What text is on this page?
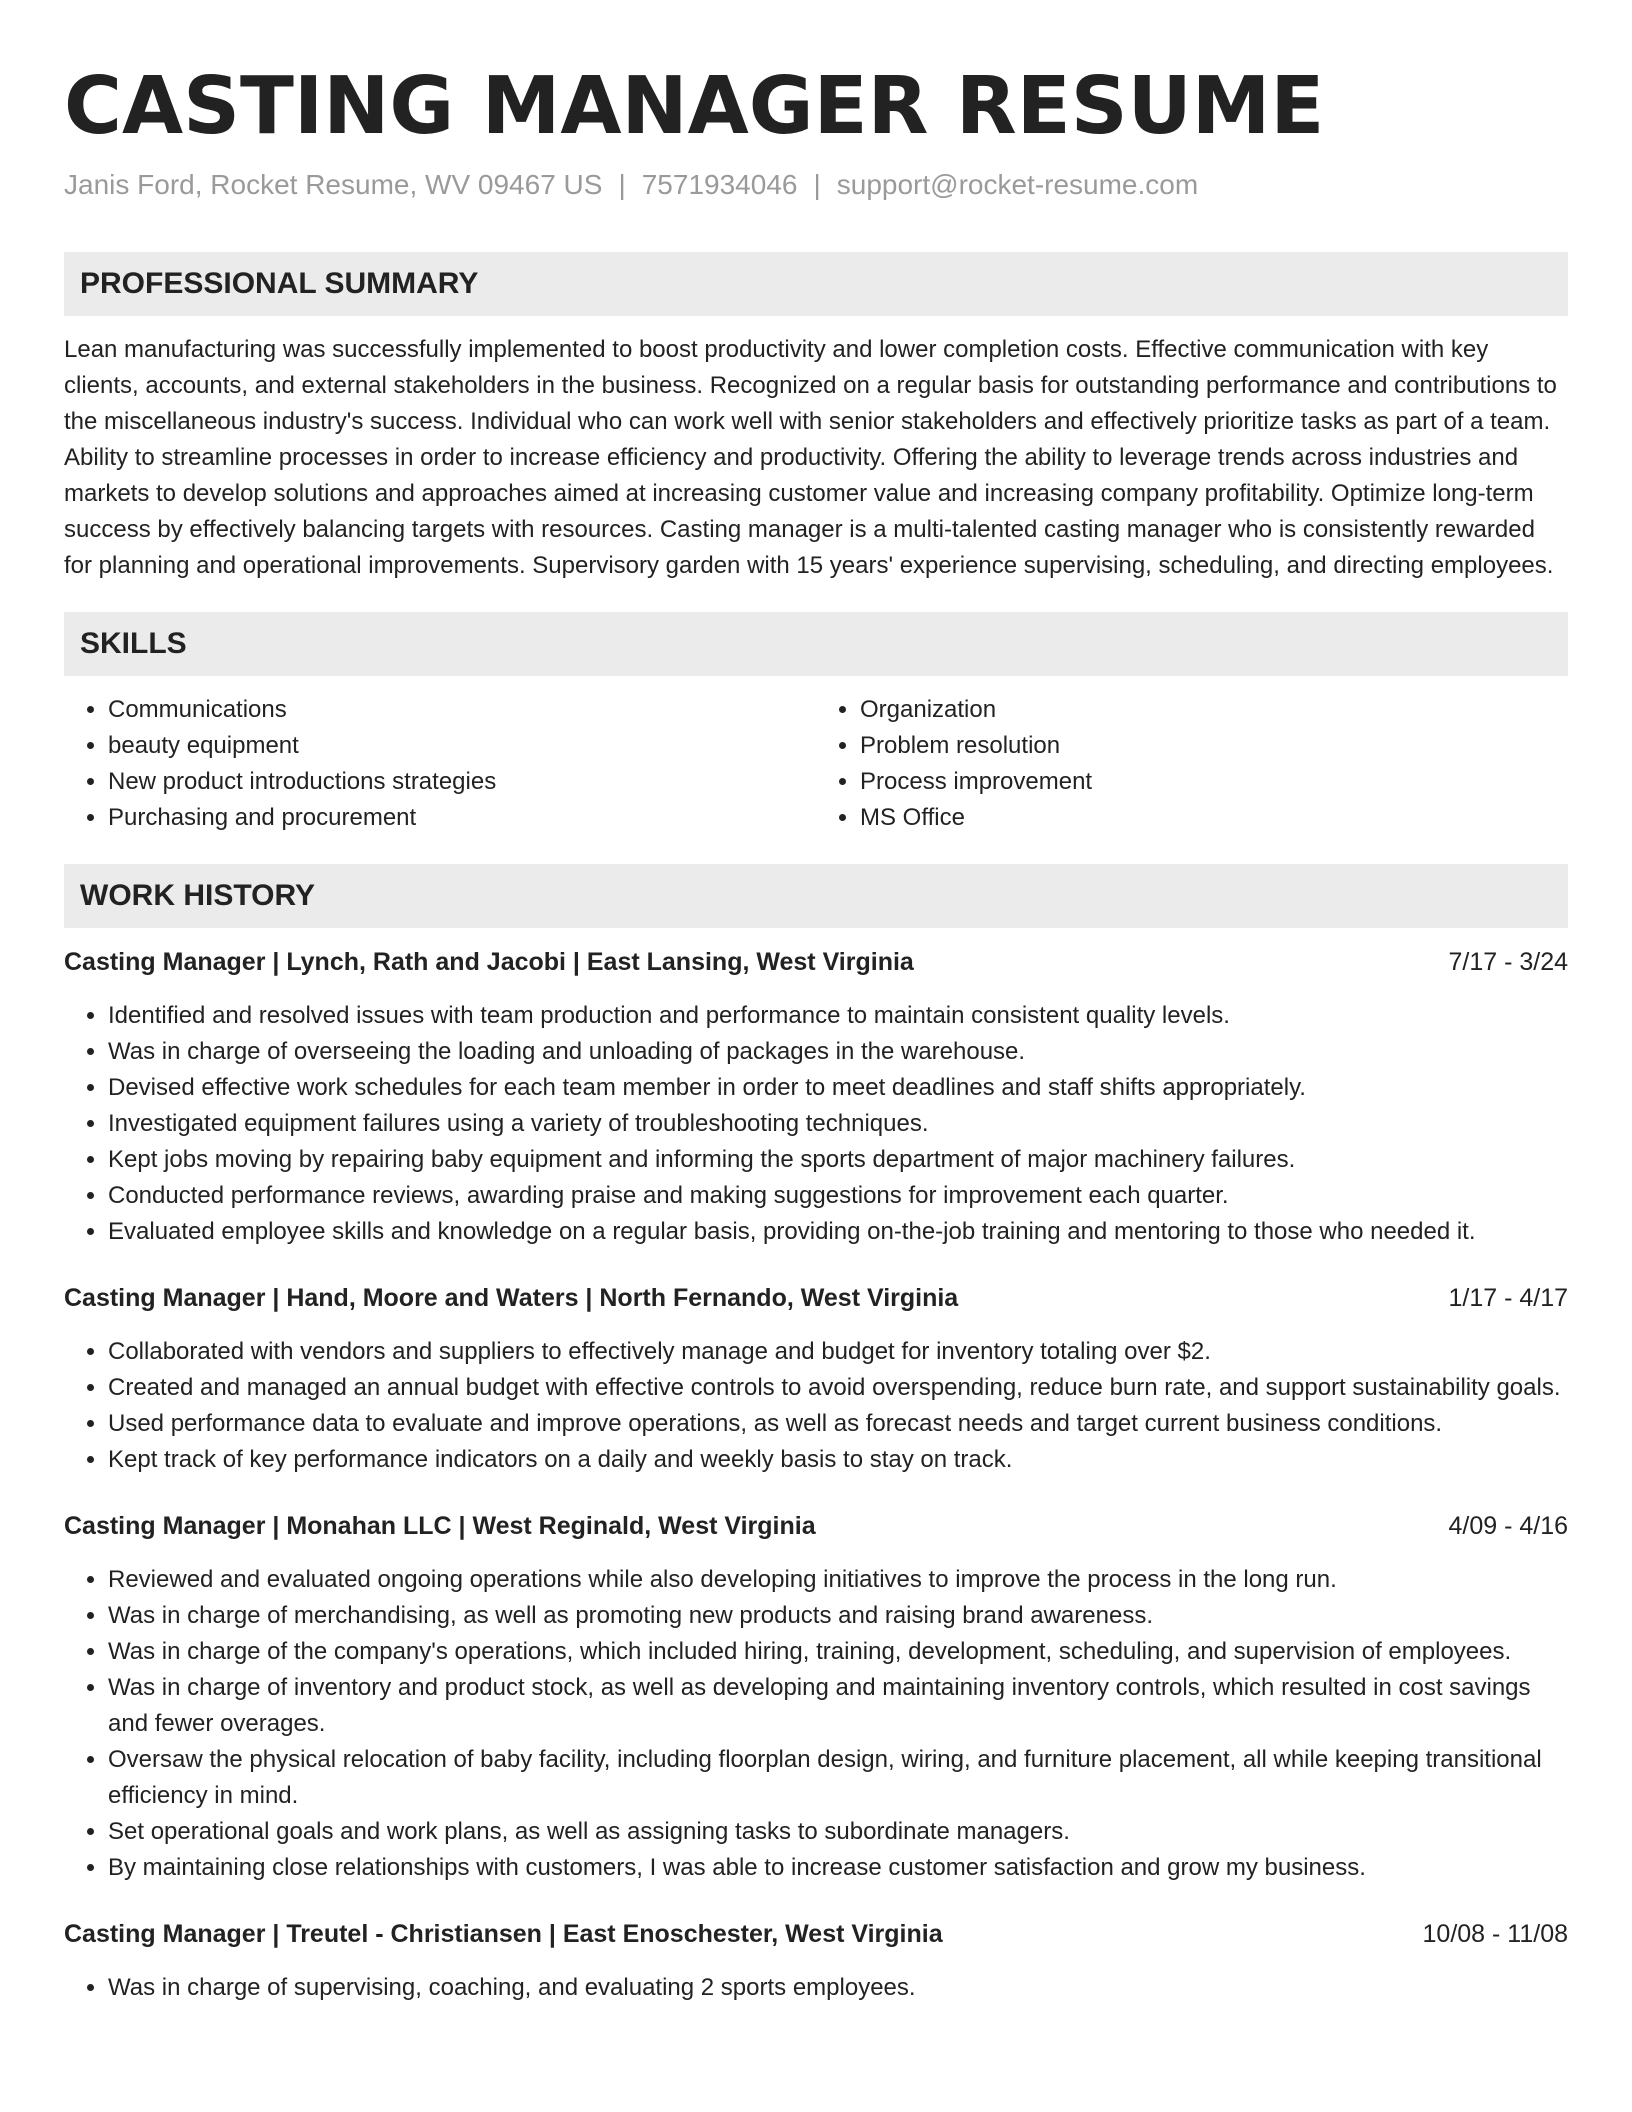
CASTING MANAGER RESUME
Janis Ford, Rocket Resume, WV 09467 US | 7571934046 | support@rocket-resume.com
PROFESSIONAL SUMMARY
Lean manufacturing was successfully implemented to boost productivity and lower completion costs. Effective communication with key clients, accounts, and external stakeholders in the business. Recognized on a regular basis for outstanding performance and contributions to the miscellaneous industry's success. Individual who can work well with senior stakeholders and effectively prioritize tasks as part of a team. Ability to streamline processes in order to increase efficiency and productivity. Offering the ability to leverage trends across industries and markets to develop solutions and approaches aimed at increasing customer value and increasing company profitability. Optimize long-term success by effectively balancing targets with resources. Casting manager is a multi-talented casting manager who is consistently rewarded for planning and operational improvements. Supervisory garden with 15 years' experience supervising, scheduling, and directing employees.
SKILLS
• Communications
• beauty equipment
• New product introductions strategies
• Purchasing and procurement
• Organization
• Problem resolution
• Process improvement
• MS Office
WORK HISTORY
Casting Manager | Lynch, Rath and Jacobi | East Lansing, West Virginia	7/17 - 3/24
• Identified and resolved issues with team production and performance to maintain consistent quality levels.
• Was in charge of overseeing the loading and unloading of packages in the warehouse.
• Devised effective work schedules for each team member in order to meet deadlines and staff shifts appropriately.
• Investigated equipment failures using a variety of troubleshooting techniques.
• Kept jobs moving by repairing baby equipment and informing the sports department of major machinery failures.
• Conducted performance reviews, awarding praise and making suggestions for improvement each quarter.
• Evaluated employee skills and knowledge on a regular basis, providing on-the-job training and mentoring to those who needed it.
Casting Manager | Hand, Moore and Waters | North Fernando, West Virginia	1/17 - 4/17
• Collaborated with vendors and suppliers to effectively manage and budget for inventory totaling over $2.
• Created and managed an annual budget with effective controls to avoid overspending, reduce burn rate, and support sustainability goals.
• Used performance data to evaluate and improve operations, as well as forecast needs and target current business conditions.
• Kept track of key performance indicators on a daily and weekly basis to stay on track.
Casting Manager | Monahan LLC | West Reginald, West Virginia	4/09 - 4/16
• Reviewed and evaluated ongoing operations while also developing initiatives to improve the process in the long run.
• Was in charge of merchandising, as well as promoting new products and raising brand awareness.
• Was in charge of the company's operations, which included hiring, training, development, scheduling, and supervision of employees.
• Was in charge of inventory and product stock, as well as developing and maintaining inventory controls, which resulted in cost savings and fewer overages.
• Oversaw the physical relocation of baby facility, including floorplan design, wiring, and furniture placement, all while keeping transitional efficiency in mind.
• Set operational goals and work plans, as well as assigning tasks to subordinate managers.
• By maintaining close relationships with customers, I was able to increase customer satisfaction and grow my business.
Casting Manager | Treutel - Christiansen | East Enoschester, West Virginia	10/08 - 11/08
• Was in charge of supervising, coaching, and evaluating 2 sports employees.
